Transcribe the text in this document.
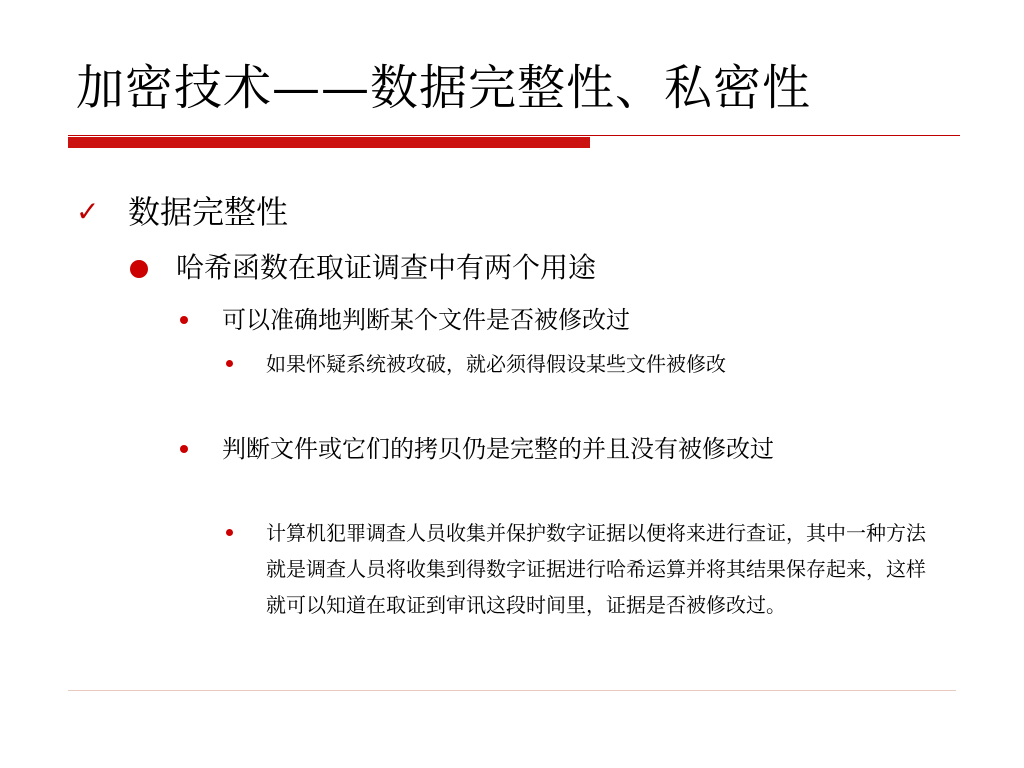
加密技术——数据完整性、私密性
✓ 数据完整性
哈希函数在取证调查中有两个用途
可以准确地判断某个文件是否被修改过
如果怀疑系统被攻破，就必须得假设某些文件被修改
判断文件或它们的拷贝仍是完整的并且没有被修改过
计算机犯罪调查人员收集并保护数字证据以便将来进行查证，其中一种方法就是调查人员将收集到得数字证据进行哈希运算并将其结果保存起来，这样就可以知道在取证到审讯这段时间里，证据是否被修改过。
